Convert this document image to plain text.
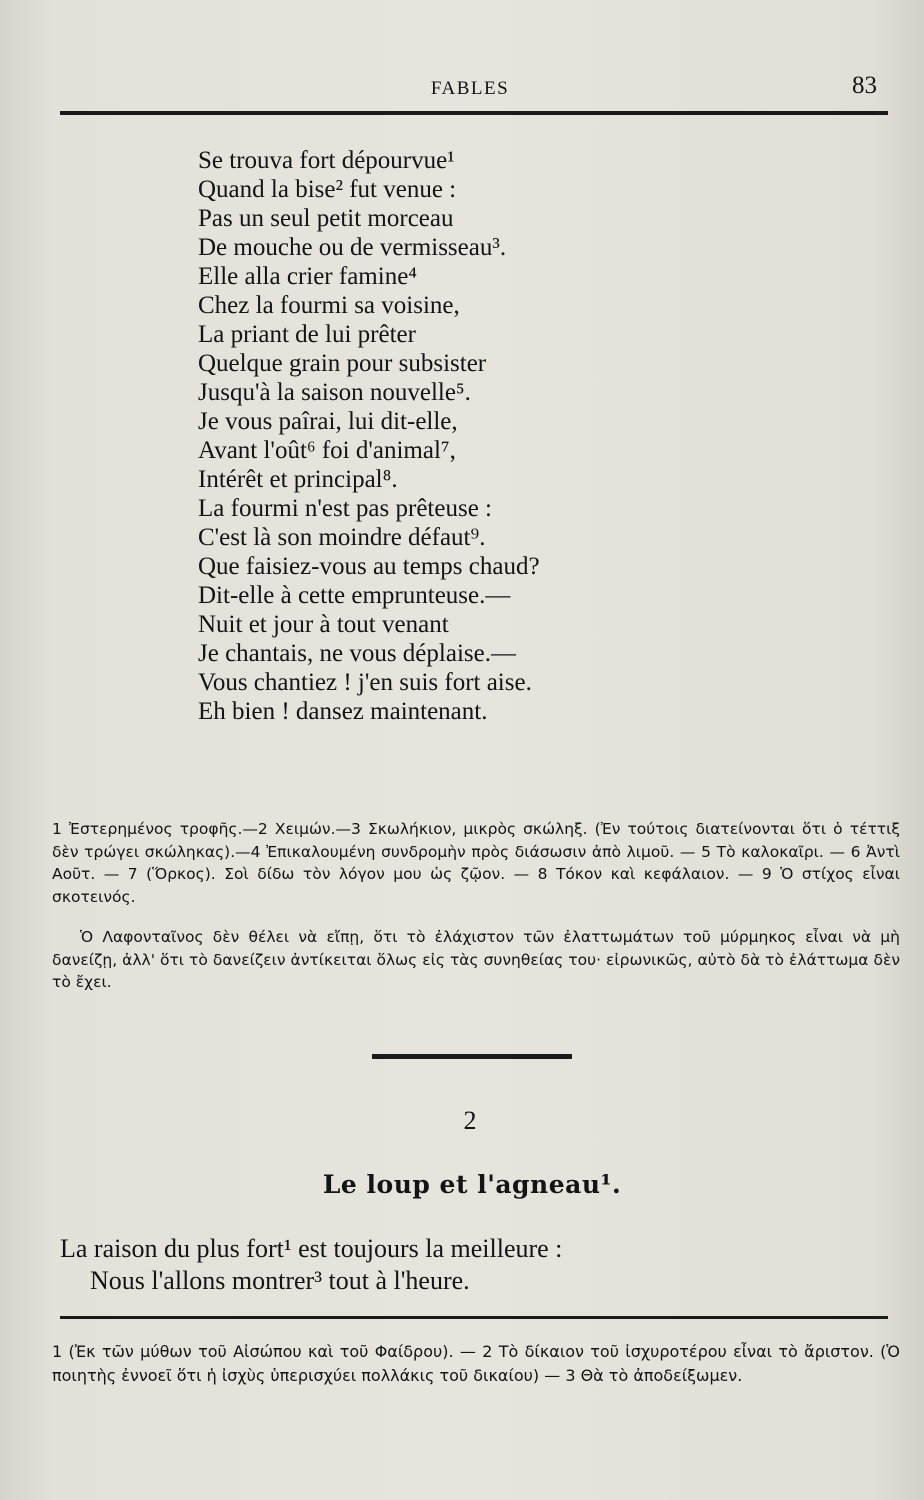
FABLES	83
Se trouva fort dépourvue¹
Quand la bise² fut venue :
Pas un seul petit morceau
De mouche ou de vermisseau³.
Elle alla crier famine⁴
Chez la fourmi sa voisine,
La priant de lui prêter
Quelque grain pour subsister
Jusqu'à la saison nouvelle⁵.
Je vous paîrai, lui dit-elle,
Avant l'oût⁶ foi d'animal⁷,
Intérêt et principal⁸.
La fourmi n'est pas prêteuse :
C'est là son moindre défaut⁹.
Que faisiez-vous au temps chaud?
Dit-elle à cette emprunteuse.—
Nuit et jour à tout venant
Je chantais, ne vous déplaise.—
Vous chantiez ! j'en suis fort aise.
Eh bien ! dansez maintenant.
1 Ἐστερημένος τροφῆς.—2 Χειμών.—3 Σκωλήκιον, μικρὸς σκώληξ. (Ἐν τούτοις διατείνονται ὅτι ὁ τέττιξ δὲν τρώγει σκώληκας).—4 Ἐπικαλουμένη συνδρομὴν πρὸς διάσωσιν ἀπὸ λιμοῦ. — 5 Τὸ καλοκαῖρι. — 6 Ἀντὶ Αοῦτ. — 7 (Ὅρκος). Σοὶ δίδω τὸν λόγον μου ὡς ζῷον. — 8 Τόκον καὶ κεφάλαιον. — 9 Ὁ στίχος εἶναι σκοτεινός.
Ὁ Λαφονταῖνος δὲν θέλει νὰ εἴπῃ, ὅτι τὸ ἐλάχιστον τῶν ἐλαττωμάτων τοῦ μύρμηκος εἶναι νὰ μὴ δανείζῃ, ἀλλ' ὅτι τὸ δανείζειν ἀντίκειται ὅλως εἰς τὰς συνηθείας του· εἰρωνικῶς, αὐτὸ δὰ τὸ ἐλάττωμα δὲν τὸ ἔχει.
2
Le loup et l'agneau¹.
La raison du plus fort¹ est toujours la meilleure :
Nous l'allons montrer³ tout à l'heure.
1 (Ἐκ τῶν μύθων τοῦ Αἰσώπου καὶ τοῦ Φαίδρου). — 2 Τὸ δίκαιον τοῦ ἰσχυροτέρου εἶναι τὸ ἄριστον. (Ὁ ποιητὴς ἐννοεῖ ὅτι ἡ ἰσχὺς ὑπερισχύει πολλάκις τοῦ δικαίου) — 3 Θὰ τὸ ἀποδείξωμεν.
